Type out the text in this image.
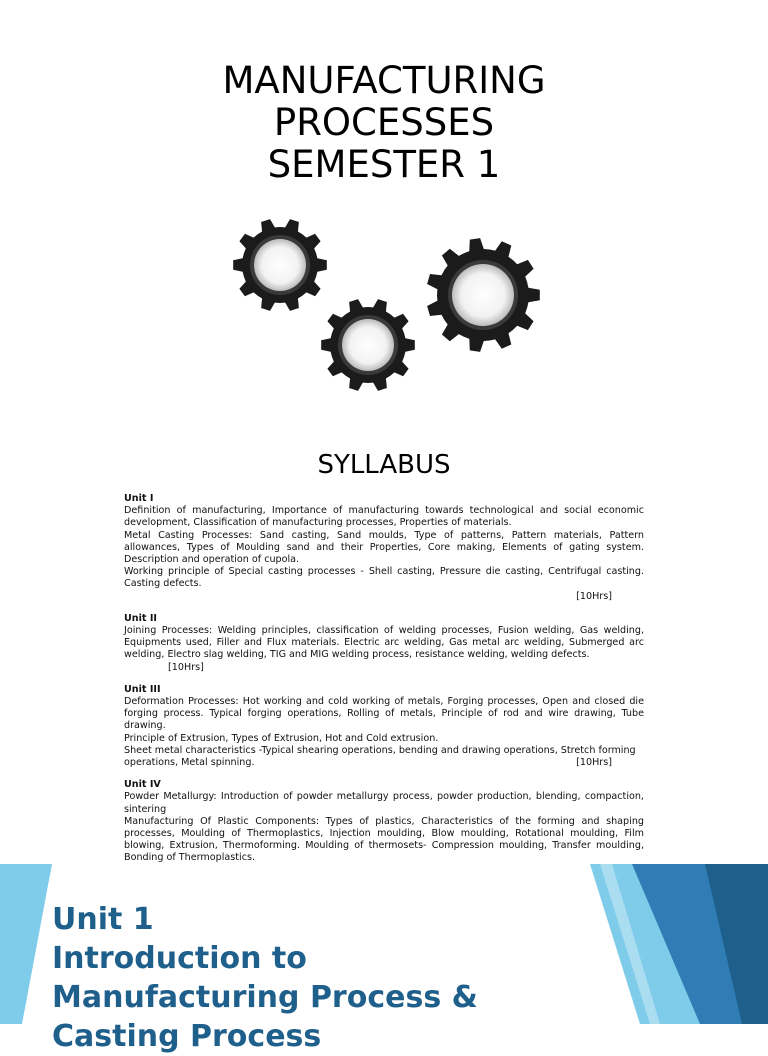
MANUFACTURING
PROCESSES
SEMESTER 1
SYLLABUS
Unit I
Definition of manufacturing, Importance of manufacturing towards technological and social economic development, Classification of manufacturing processes, Properties of materials.
Metal Casting Processes: Sand casting, Sand moulds, Type of patterns, Pattern materials, Pattern allowances, Types of Moulding sand and their Properties, Core making, Elements of gating system. Description and operation of cupola.
Working principle of Special casting processes - Shell casting, Pressure die casting, Centrifugal casting. Casting defects.
[10Hrs]
Unit II
Joining Processes: Welding principles, classification of welding processes, Fusion welding, Gas welding, Equipments used, Filler and Flux materials. Electric arc welding, Gas metal arc welding, Submerged arc welding, Electro slag welding, TIG and MIG welding process, resistance welding, welding defects.
[10Hrs]
Unit III
Deformation Processes: Hot working and cold working of metals, Forging processes, Open and closed die forging process. Typical forging operations, Rolling of metals, Principle of rod and wire drawing, Tube drawing.
Principle of Extrusion, Types of Extrusion, Hot and Cold extrusion.
Sheet metal characteristics -Typical shearing operations, bending and drawing operations, Stretch forming
operations, Metal spinning.	[10Hrs]
Unit IV
Powder Metallurgy: Introduction of powder metallurgy process, powder production, blending, compaction, sintering
Manufacturing Of Plastic Components: Types of plastics, Characteristics of the forming and shaping processes, Moulding of Thermoplastics, Injection moulding, Blow moulding, Rotational moulding, Film blowing, Extrusion, Thermoforming. Moulding of thermosets- Compression moulding, Transfer moulding, Bonding of Thermoplastics.
Unit 1
Introduction to
Manufacturing Process &
Casting Process
